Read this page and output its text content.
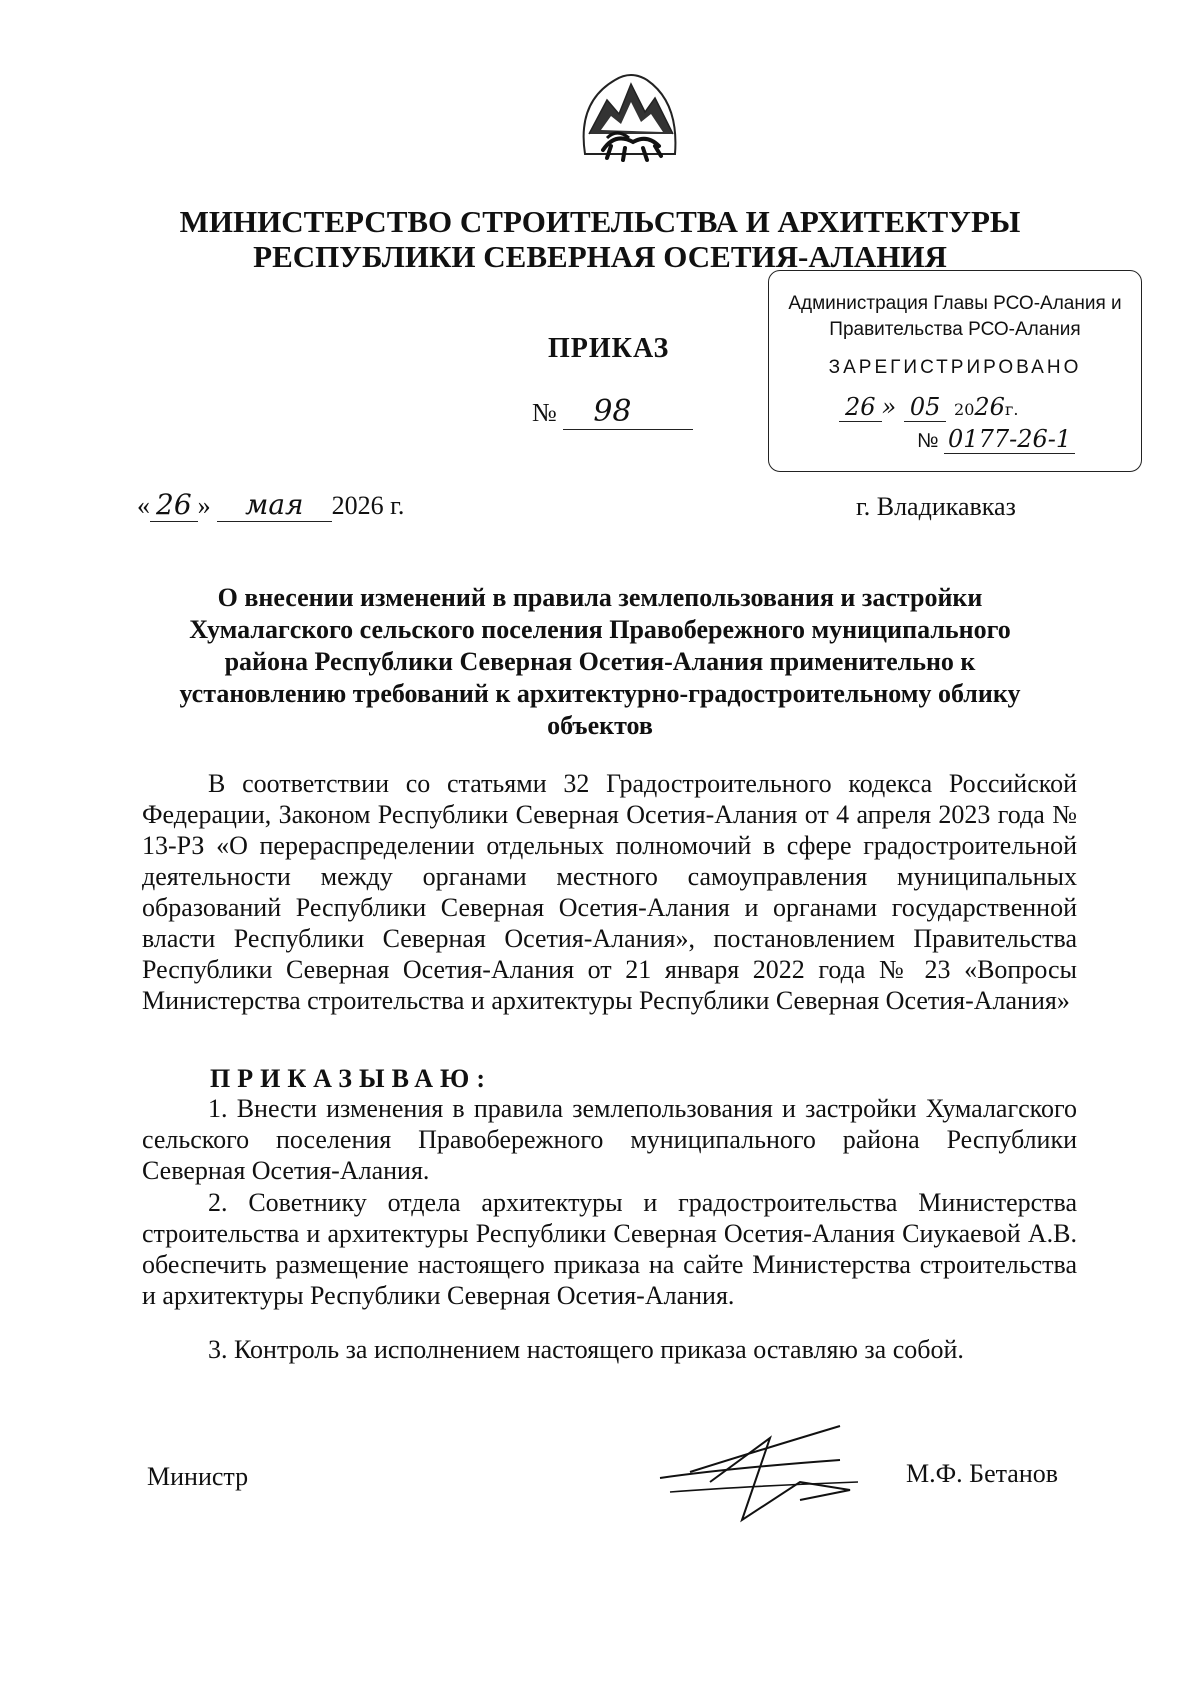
МИНИСТЕРСТВО СТРОИТЕЛЬСТВА И АРХИТЕКТУРЫ
РЕСПУБЛИКИ СЕВЕРНАЯ ОСЕТИЯ-АЛАНИЯ
Администрация Главы РСО-Алания и
Правительства РСО-Алания
ЗАРЕГИСТРИРОВАНО
26 » 05 2026г.
№ 0177-26-1
ПРИКАЗ
№ 98
« 26 » мая 2026 г.	г. Владикавказ
О внесении изменений в правила землепользования и застройки
Хумалагского сельского поселения Правобережного муниципального
района Республики Северная Осетия-Алания применительно к
установлению требований к архитектурно-градостроительному облику
объектов
В соответствии со статьями 32 Градостроительного кодекса Российской Федерации, Законом Республики Северная Осетия-Алания от 4 апреля 2023 года № 13-РЗ «О перераспределении отдельных полномочий в сфере градостроительной деятельности между органами местного самоуправления муниципальных образований Республики Северная Осетия-Алания и органами государственной власти Республики Северная Осетия-Алания», постановлением Правительства Республики Северная Осетия-Алания от 21 января 2022 года № 23 «Вопросы Министерства строительства и архитектуры Республики Северная Осетия-Алания»
ПРИКАЗЫВАЮ:
1. Внести изменения в правила землепользования и застройки Хумалагского сельского поселения Правобережного муниципального района Республики Северная Осетия-Алания.
2. Советнику отдела архитектуры и градостроительства Министерства строительства и архитектуры Республики Северная Осетия-Алания Сиукаевой А.В. обеспечить размещение настоящего приказа на сайте Министерства строительства и архитектуры Республики Северная Осетия-Алания.
3. Контроль за исполнением настоящего приказа оставляю за собой.
Министр	М.Ф. Бетанов
